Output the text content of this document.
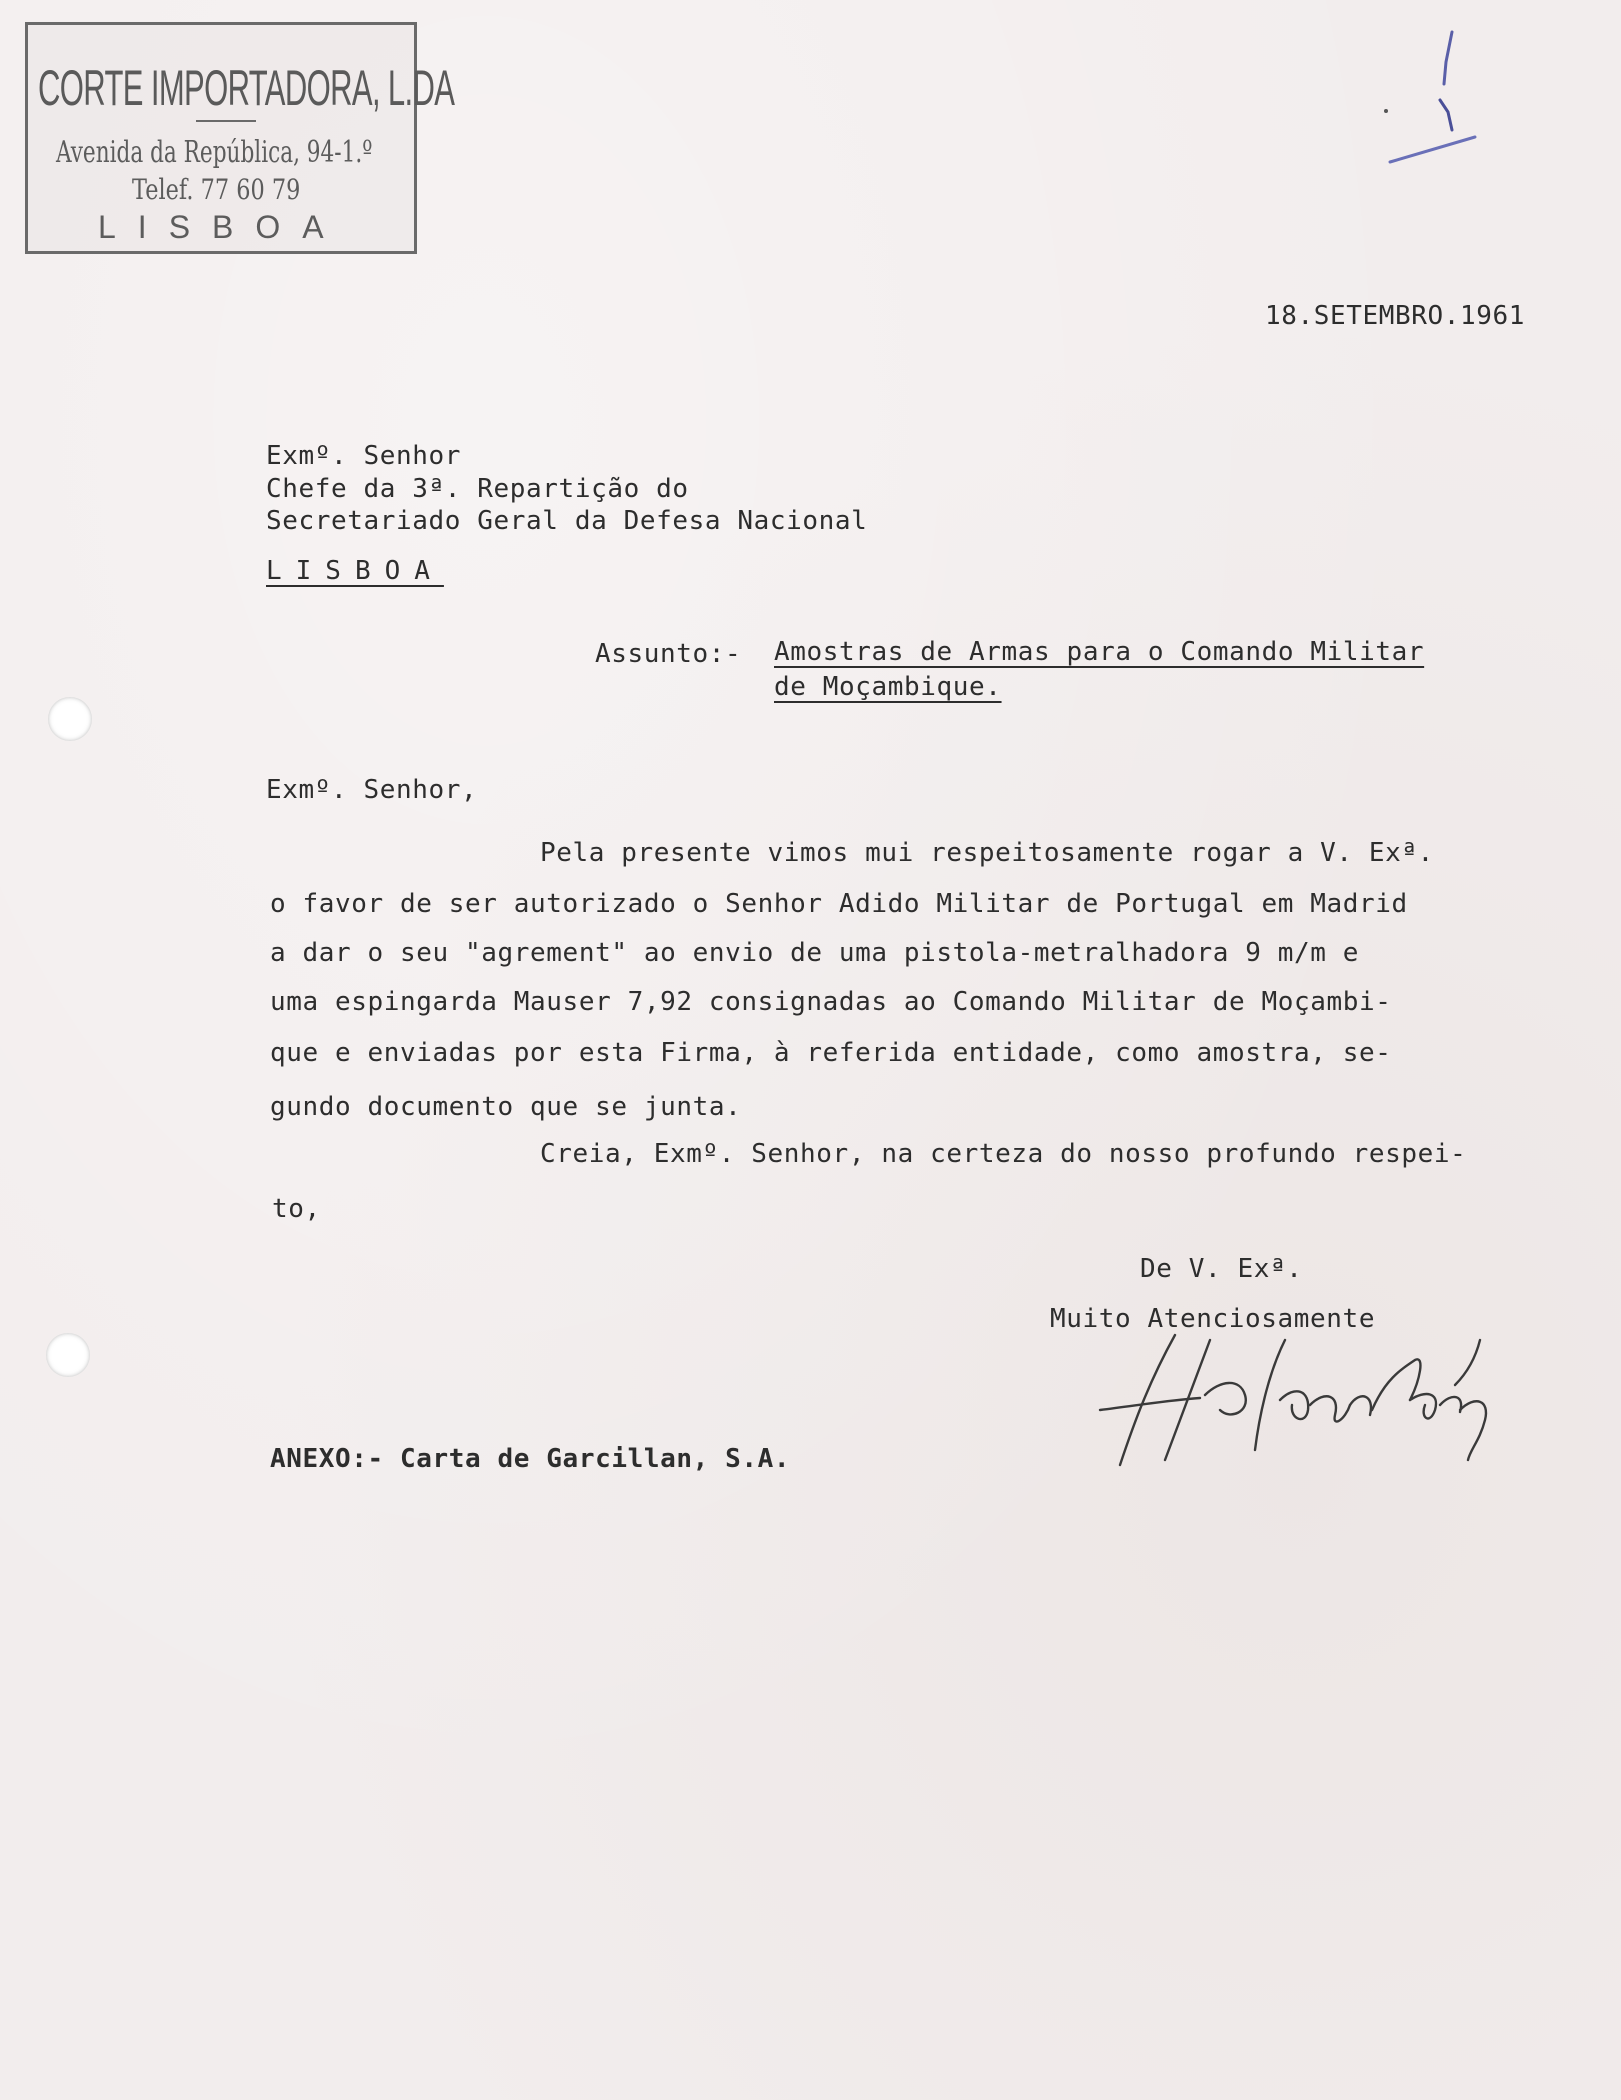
CORTE IMPORTADORA, L.DA
Avenida da República, 94-1.º
Telef. 77 60 79
LISBOA
18.SETEMBRO.1961
Exmº. Senhor
Chefe da 3ª. Repartição do
Secretariado Geral da Defesa Nacional
LISBOA
Assunto:- Amostras de Armas para o Comando Militar
de Moçambique.
Exmº. Senhor,
Pela presente vimos mui respeitosamente rogar a V. Exª.
o favor de ser autorizado o Senhor Adido Militar de Portugal em Madrid
a dar o seu "agrement" ao envio de uma pistola-metralhadora 9 m/m e
uma espingarda Mauser 7,92 consignadas ao Comando Militar de Moçambi-
que e enviadas por esta Firma, à referida entidade, como amostra, se-
gundo documento que se junta.
Creia, Exmº. Senhor, na certeza do nosso profundo respei-
to,
De V. Exª.
Muito Atenciosamente
ANEXO:- Carta de Garcillan, S.A.
